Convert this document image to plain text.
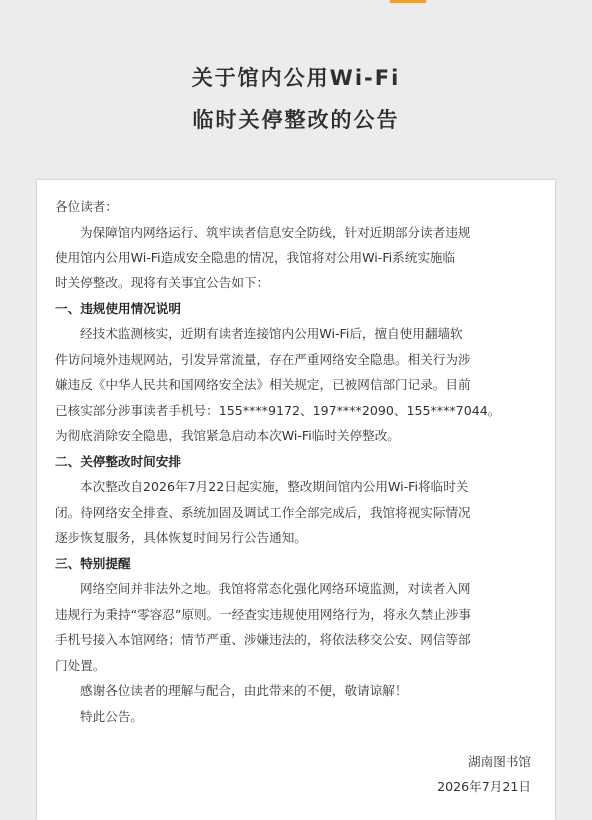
关于馆内公用Wi-Fi
临时关停整改的公告
各位读者：
为保障馆内网络运行、筑牢读者信息安全防线，针对近期部分读者违规
使用馆内公用Wi-Fi造成安全隐患的情况，我馆将对公用Wi-Fi系统实施临
时关停整改。现将有关事宜公告如下：
一、违规使用情况说明
经技术监测核实，近期有读者连接馆内公用Wi-Fi后，擅自使用翻墙软
件访问境外违规网站，引发异常流量，存在严重网络安全隐患。相关行为涉
嫌违反《中华人民共和国网络安全法》相关规定，已被网信部门记录。目前
已核实部分涉事读者手机号：155****9172、197****2090、155****7044。
为彻底消除安全隐患，我馆紧急启动本次Wi-Fi临时关停整改。
二、关停整改时间安排
本次整改自2026年7月22日起实施，整改期间馆内公用Wi-Fi将临时关
闭。待网络安全排查、系统加固及调试工作全部完成后，我馆将视实际情况
逐步恢复服务，具体恢复时间另行公告通知。
三、特别提醒
网络空间并非法外之地。我馆将常态化强化网络环境监测，对读者入网
违规行为秉持“零容忍”原则。一经查实违规使用网络行为，将永久禁止涉事
手机号接入本馆网络；情节严重、涉嫌违法的，将依法移交公安、网信等部
门处置。
感谢各位读者的理解与配合，由此带来的不便，敬请谅解！
特此公告。
湖南图书馆
2026年7月21日
